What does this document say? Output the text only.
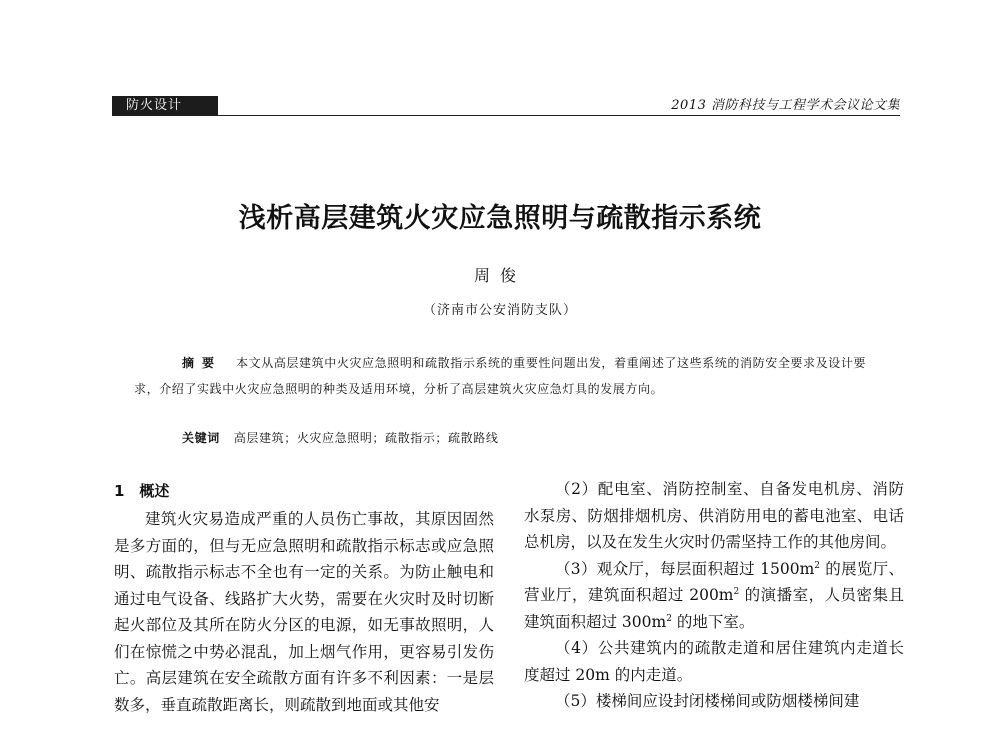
防火设计	2013 消防科技与工程学术会议论文集
浅析高层建筑火灾应急照明与疏散指示系统
周俊
（济南市公安消防支队）
摘要 本文从高层建筑中火灾应急照明和疏散指示系统的重要性问题出发，着重阐述了这些系统的消防安全要求及设计要求，介绍了实践中火灾应急照明的种类及适用环境，分析了高层建筑火灾应急灯具的发展方向。
关键词 高层建筑；火灾应急照明；疏散指示；疏散路线

1　概述

建筑火灾易造成严重的人员伤亡事故，其原因固然是多方面的，但与无应急照明和疏散指示标志或应急照明、疏散指示标志不全也有一定的关系。为防止触电和通过电气设备、线路扩大火势，需要在火灾时及时切断起火部位及其所在防火分区的电源，如无事故照明，人们在惊慌之中势必混乱，加上烟气作用，更容易引发伤亡。高层建筑在安全疏散方面有许多不利因素：一是层数多，垂直疏散距离长，则疏散到地面或其他安

（2）配电室、消防控制室、自备发电机房、消防水泵房、防烟排烟机房、供消防用电的蓄电池室、电话总机房，以及在发生火灾时仍需坚持工作的其他房间。

（3）观众厅，每层面积超过 $1500m^2$ 的展览厅、营业厅，建筑面积超过 $200m^2$ 的演播室，人员密集且建筑面积超过 $300m^2$ 的地下室。

（4）公共建筑内的疏散走道和居住建筑内走道长度超过 20m 的内走道。

（5）楼梯间应设封闭楼梯间或防烟楼梯间建
